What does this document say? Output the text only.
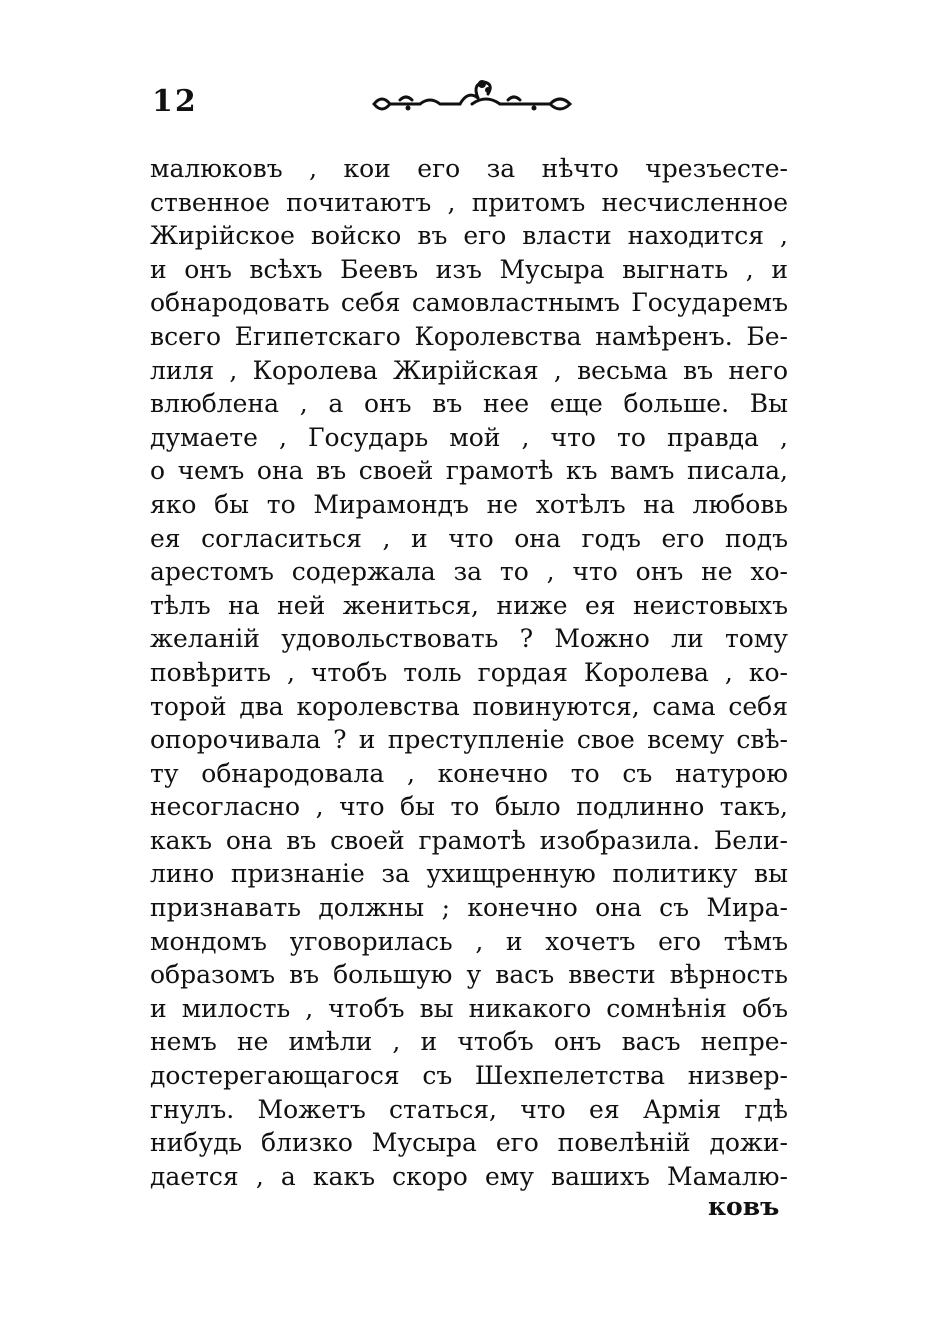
12
малюковъ , кои его за нѣчто чрезъесте-
ственное почитаютъ , притомъ несчисленное
Жирійское войско въ его власти находится ,
и онъ всѣхъ Беевъ изъ Мусыра выгнать , и
обнародовать себя самовластнымъ Государемъ
всего Египетскаго Королевства намѣренъ. Бе-
лиля , Королева Жирійская , весьма въ него
влюблена , а онъ въ нее еще больше. Вы
думаете , Государь мой , что то правда ,
о чемъ она въ своей грамотѣ къ вамъ писала,
яко бы то Мирамондъ не хотѣлъ на любовь
ея согласиться , и что она годъ его подъ
арестомъ содержала за то , что онъ не хо-
тѣлъ на ней жениться, ниже ея неистовыхъ
желаній удовольствовать ? Можно ли тому
повѣрить , чтобъ толь гордая Королева , ко-
торой два королевства повинуются, сама себя
опорочивала ? и преступленіе свое всему свѣ-
ту обнародовала , конечно то съ натурою
несогласно , что бы то было подлинно такъ,
какъ она въ своей грамотѣ изобразила. Бели-
лино признаніе за ухищренную политику вы
признавать должны ; конечно она съ Мира-
мондомъ уговорилась , и хочетъ его тѣмъ
образомъ въ большую у васъ ввести вѣрность
и милость , чтобъ вы никакого сомнѣнія объ
немъ не имѣли , и чтобъ онъ васъ непре-
достерегающагося съ Шехпелетства низвер-
гнулъ. Можетъ статься, что ея Армія гдѣ
нибудь близко Мусыра его повелѣній дожи-
дается , а какъ скоро ему вашихъ Мамалю-
ковъ
